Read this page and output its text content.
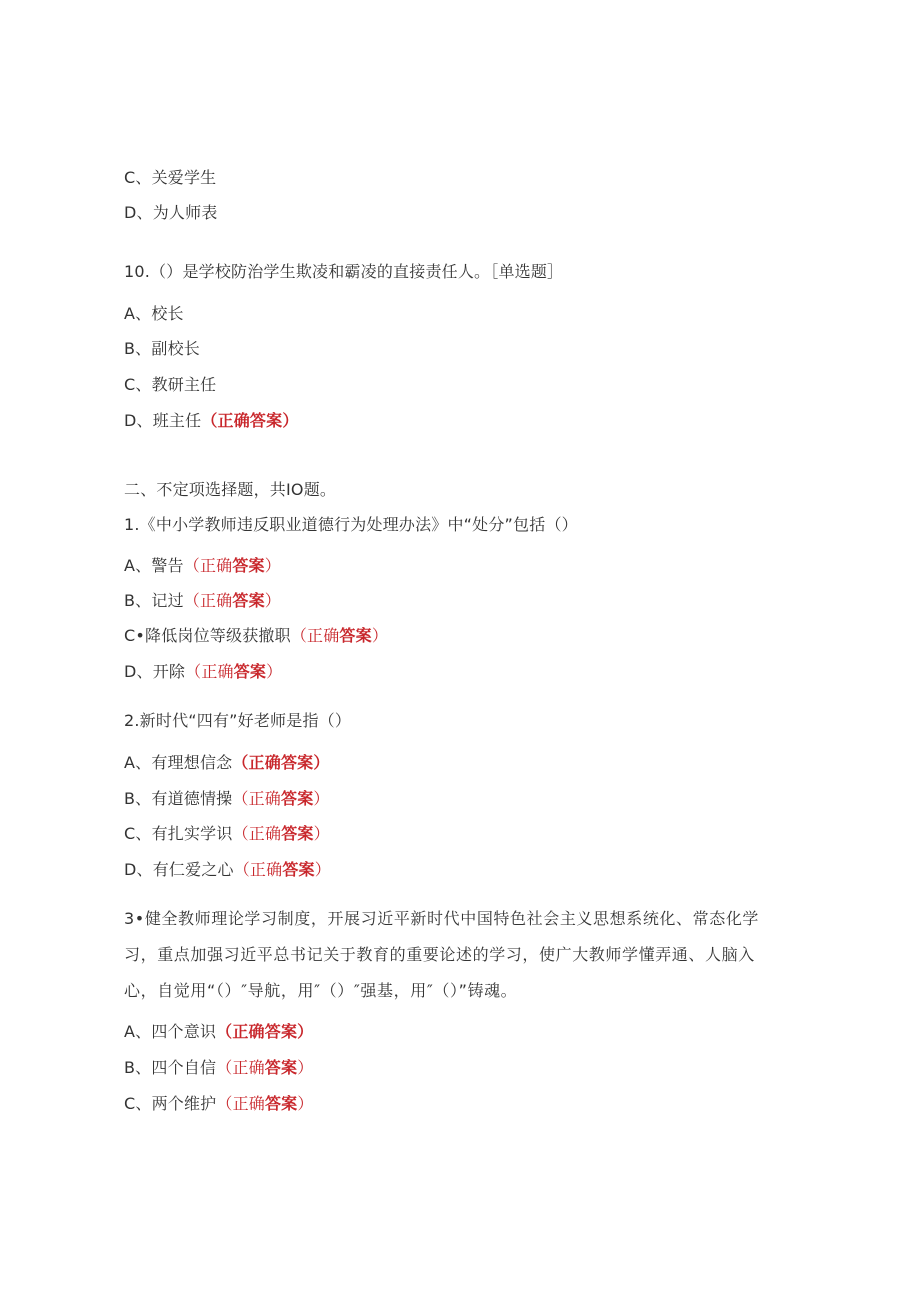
C、关爱学生
D、为人师表
10.（）是学校防治学生欺凌和霸凌的直接责任人。［单选题］
A、校长
B、副校长
C、教研主任
D、班主任（正确答案）
二、不定项选择题，共IO题。
1.《中小学教师违反职业道德行为处理办法》中“处分”包括（）
A、警告（正确答案）
B、记过（正确答案）
C•降低岗位等级获撤职（正确答案）
D、开除（正确答案）
2.新时代“四有”好老师是指（）
A、有理想信念（正确答案）
B、有道德情操（正确答案）
C、有扎实学识（正确答案）
D、有仁爱之心（正确答案）
3•健全教师理论学习制度，开展习近平新时代中国特色社会主义思想系统化、常态化学习，重点加强习近平总书记关于教育的重要论述的学习，使广大教师学懂弄通、人脑入心，自觉用“（）″导航，用″（）″强基，用″（）”铸魂。
A、四个意识（正确答案）
B、四个自信（正确答案）
C、两个维护（正确答案）
